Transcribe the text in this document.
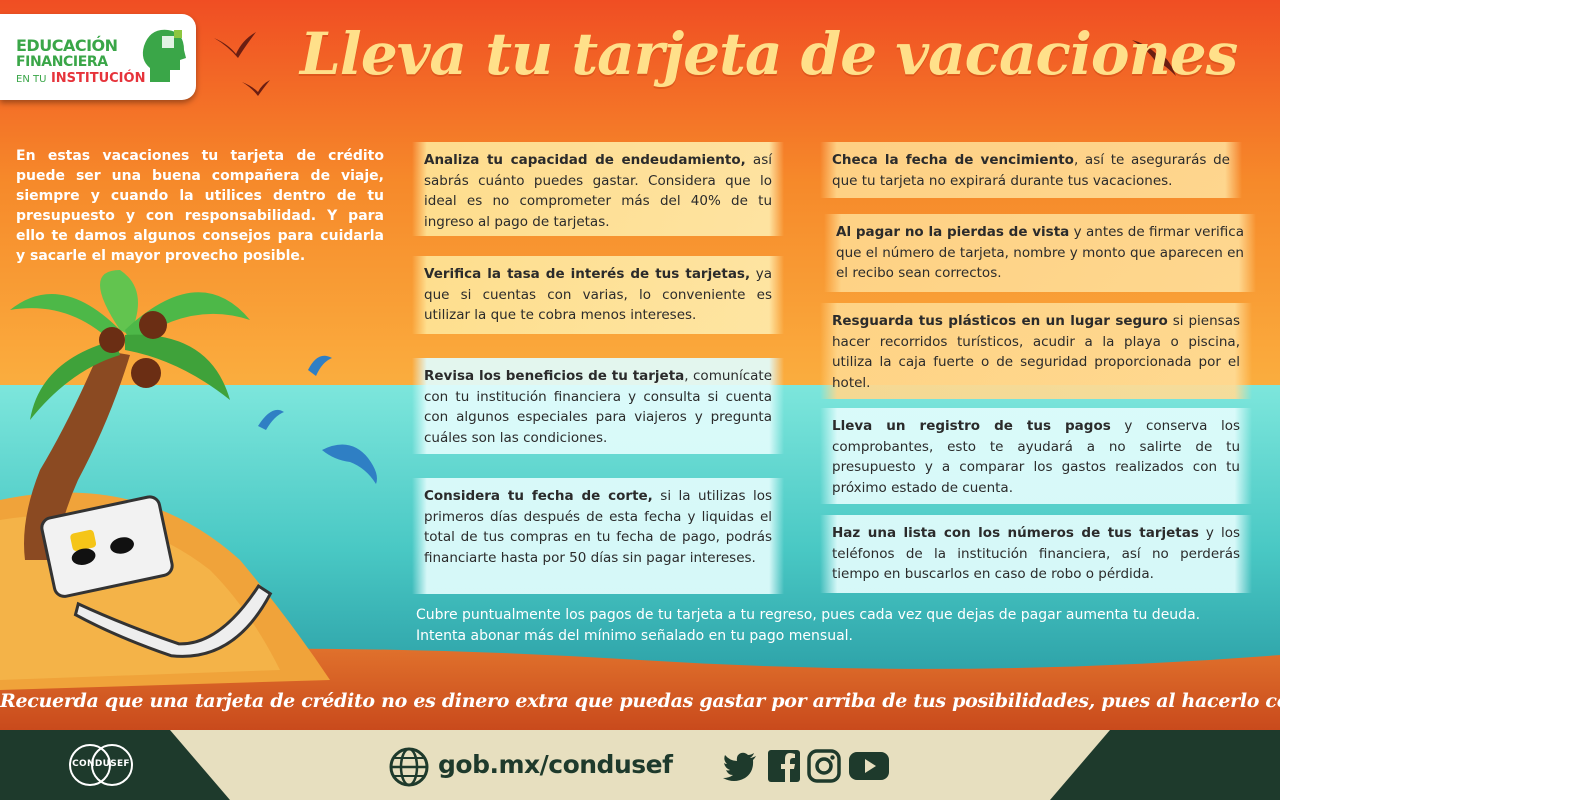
EDUCACIÓN
FINANCIERA
EN TU INSTITUCIÓN	Lleva tu tarjeta de vacaciones
En estas vacaciones tu tarjeta de crédito puede ser una buena compañera de viaje, siempre y cuando la utilices dentro de tu presupuesto y con responsabilidad. Y para ello te damos algunos consejos para cuidarla y sacarle el mayor provecho posible.
Analiza tu capacidad de endeudamiento, así sabrás cuánto puedes gastar. Considera que lo ideal es no comprometer más del 40% de tu ingreso al pago de tarjetas.
Verifica la tasa de interés de tus tarjetas, ya que si cuentas con varias, lo conveniente es utilizar la que te cobra menos intereses.
Revisa los beneficios de tu tarjeta, comunícate con tu institución financiera y consulta si cuenta con algunos especiales para viajeros y pregunta cuáles son las condiciones.
Considera tu fecha de corte, si la utilizas los primeros días después de esta fecha y liquidas el total de tus compras en tu fecha de pago, podrás financiarte hasta por 50 días sin pagar intereses.
Checa la fecha de vencimiento, así te asegurarás de que tu tarjeta no expirará durante tus vacaciones.
Al pagar no la pierdas de vista y antes de firmar verifica que el número de tarjeta, nombre y monto que aparecen en el recibo sean correctos.
Resguarda tus plásticos en un lugar seguro si piensas hacer recorridos turísticos, acudir a la playa o piscina, utiliza la caja fuerte o de seguridad proporcionada por el hotel.
Lleva un registro de tus pagos y conserva los comprobantes, esto te ayudará a no salirte de tu presupuesto y a comparar los gastos realizados con tu próximo estado de cuenta.
Haz una lista con los números de tus tarjetas y los teléfonos de la institución financiera, así no perderás tiempo en buscarlos en caso de robo o pérdida.
Cubre puntualmente los pagos de tu tarjeta a tu regreso, pues cada vez que dejas de pagar aumenta tu deuda. Intenta abonar más del mínimo señalado en tu pago mensual.
Recuerda que una tarjeta de crédito no es dinero extra que puedas gastar por arriba de tus posibilidades, pues al hacerlo corres el riesgo de endeudarte.
CONDUSEF	gob.mx/condusef
